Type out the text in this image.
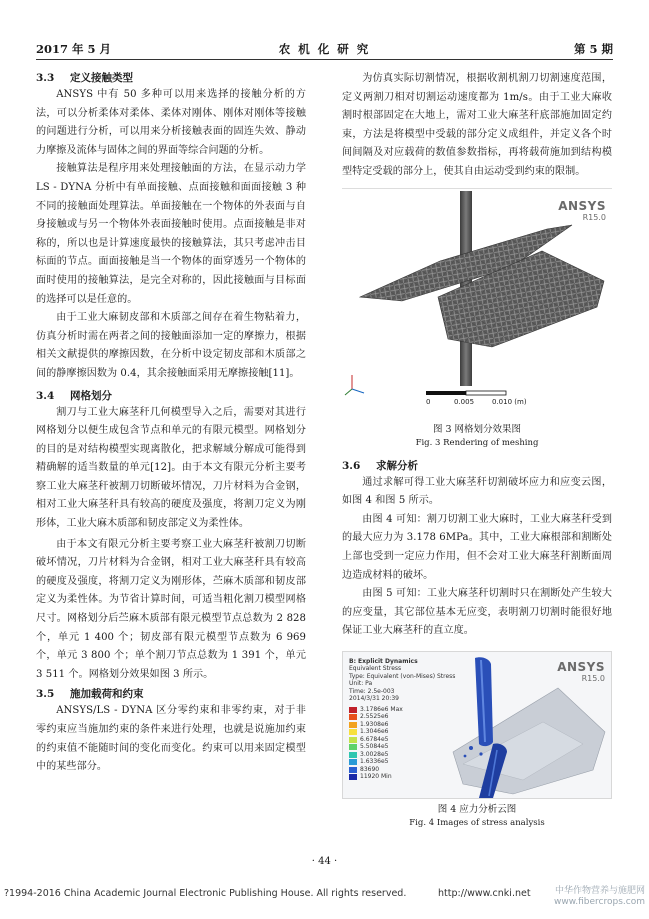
2017 年 5 月	农 机 化 研 究	第 5 期
3.3 定义接触类型

ANSYS 中有 50 多种可以用来选择的接触分析的方法，可以分析柔体对柔体、柔体对刚体、刚体对刚体等接触的问题进行分析，可以用来分析接触表面的固连失效、静动力摩擦及流体与固体之间的界面等综合问题的分析。

接触算法是程序用来处理接触面的方法，在显示动力学 LS - DYNA 分析中有单面接触、点面接触和面面接触 3 种不同的接触面处理算法。单面接触在一个物体的外表面与自身接触或与另一个物体外表面接触时使用。点面接触是非对称的，所以也是计算速度最快的接触算法，其只考虑冲击目标面的节点。面面接触是当一个物体的面穿透另一个物体的面时使用的接触算法，是完全对称的，因此接触面与目标面的选择可以是任意的。

由于工业大麻韧皮部和木质部之间存在着生物粘着力，仿真分析时需在两者之间的接触面添加一定的摩擦力，根据相关文献提供的摩擦因数，在分析中设定韧皮部和木质部之间的静摩擦因数为 0.4，其余接触面采用无摩擦接触[11]。

3.4 网格划分

割刀与工业大麻茎秆几何模型导入之后，需要对其进行网格划分以便生成包含节点和单元的有限元模型。网格划分的目的是对结构模型实现离散化，把求解域分解成可能得到精确解的适当数量的单元[12]。由于本文有限元分析主要考察工业大麻茎秆被割刀切断破坏情况，刀片材料为合金钢，相对工业大麻茎秆具有较高的硬度及强度，将割刀定义为刚形体，工业大麻木质部和韧皮部定义为柔性体。

由于本文有限元分析主要考察工业大麻茎秆被割刀切断破坏情况，刀片材料为合金钢，相对工业大麻茎秆具有较高的硬度及强度，将割刀定义为刚形体，苎麻木质部和韧皮部定义为柔性体。为节省计算时间，可适当粗化割刀模型网格尺寸。网格划分后苎麻木质部有限元模型节点总数为 2 828 个，单元 1 400 个；韧皮部有限元模型节点数为 6 969 个，单元 3 800 个；单个割刀节点总数为 1 391 个，单元 3 511 个。网格划分效果如图 3 所示。

3.5 施加载荷和约束

ANSYS/LS - DYNA 区分零约束和非零约束，对于非零约束应当施加约束的条件来进行处理，也就是说施加约束的约束值不能随时间的变化而变化。约束可以用来固定模型中的某些部分。

为仿真实际切割情况，根据收割机割刀切割速度范围，定义两割刀相对切割运动速度都为 1m/s。由于工业大麻收割时根部固定在大地上，需对工业大麻茎秆底部施加固定约束，方法是将模型中受载的部分定义成组件，并定义各个时间间隔及对应载荷的数值参数指标，再将载荷施加到结构模型特定受载的部分上，使其自由运动受到约束的限制。

ANSYS
R15.0
0	0.005	0.010 (m)
图 3 网格划分效果图
Fig. 3 Rendering of meshing
3.6 求解分析

通过求解可得工业大麻茎秆切割破坏应力和应变云图，如图 4 和图 5 所示。

由图 4 可知：割刀切割工业大麻时，工业大麻茎秆受到的最大应力为 3.178 6MPa。其中，工业大麻根部和割断处上部也受到一定应力作用，但不会对工业大麻茎秆割断面周边造成材料的破坏。

由图 5 可知：工业大麻茎秆切割时只在割断处产生较大的应变量，其它部位基本无应变，表明割刀切割时能很好地保证工业大麻茎秆的直立度。

B: Explicit Dynamics
Equivalent Stress
Type: Equivalent (von-Mises) Stress
Unit: Pa
Time: 2.5e-003
2014/3/31 20:39
3.1786e6 Max
2.5525e6
1.9308e6
1.3046e6
6.6784e5
5.5084e5
3.0028e5
1.6336e5
83690
11920 Min
ANSYS
R15.0
图 4 应力分析云图
Fig. 4 Images of stress analysis
· 44 ·
?1994-2016 China Academic Journal Electronic Publishing House. All rights reserved.	http://www.cnki.net	中华作物营养与施肥网 www.fibercrops.com
